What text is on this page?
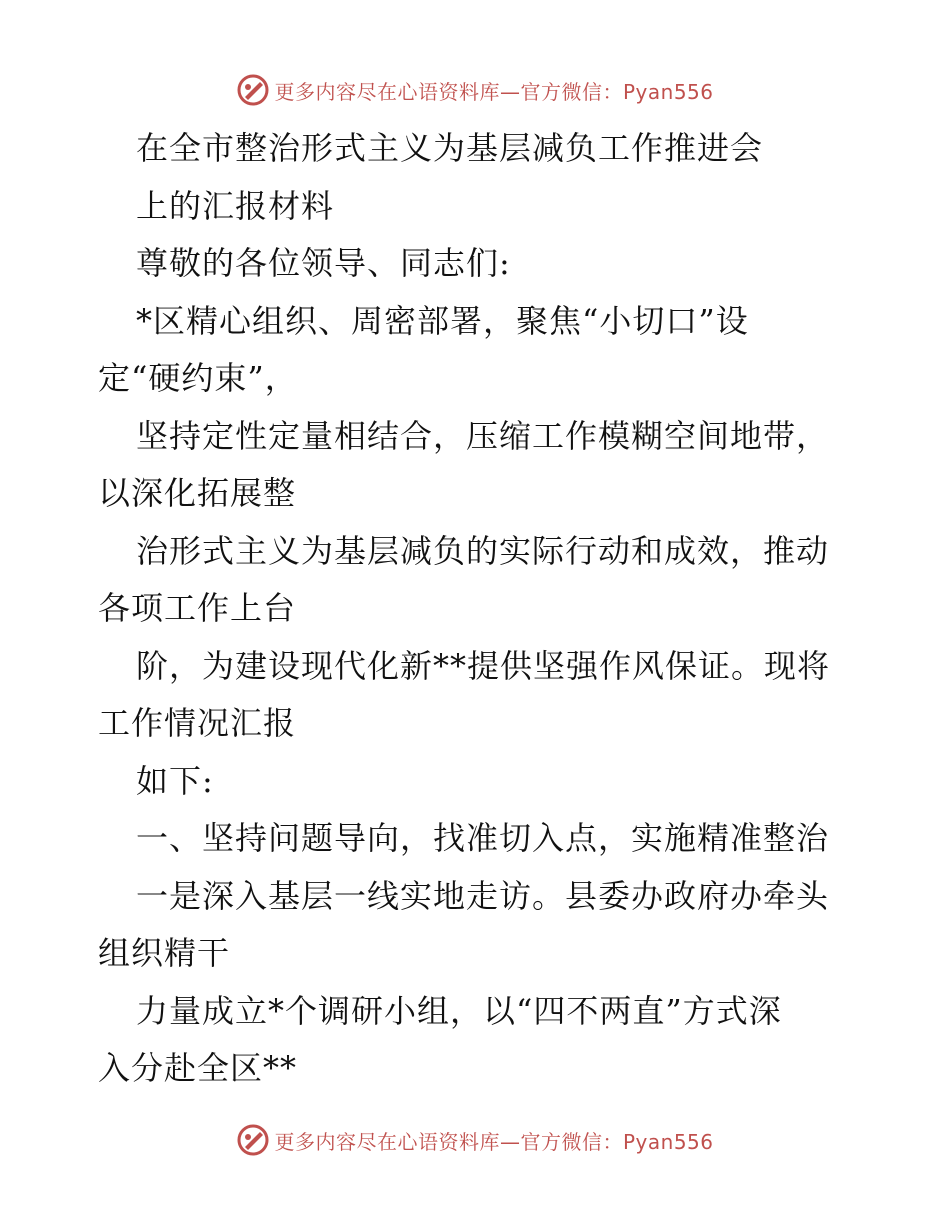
更多内容尽在心语资料库—官方微信：Pyan556
在全市整治形式主义为基层减负工作推进会
上的汇报材料
尊敬的各位领导、同志们:
*区精心组织、周密部署，聚焦“小切口”设
定“硬约束”，
坚持定性定量相结合，压缩工作模糊空间地带，
以深化拓展整
治形式主义为基层减负的实际行动和成效，推动
各项工作上台
阶，为建设现代化新**提供坚强作风保证。现将
工作情况汇报
如下:
一、坚持问题导向，找准切入点，实施精准整治
一是深入基层一线实地走访。县委办政府办牵头
组织精干
力量成立*个调研小组，以“四不两直”方式深
入分赴全区**
更多内容尽在心语资料库—官方微信：Pyan556
